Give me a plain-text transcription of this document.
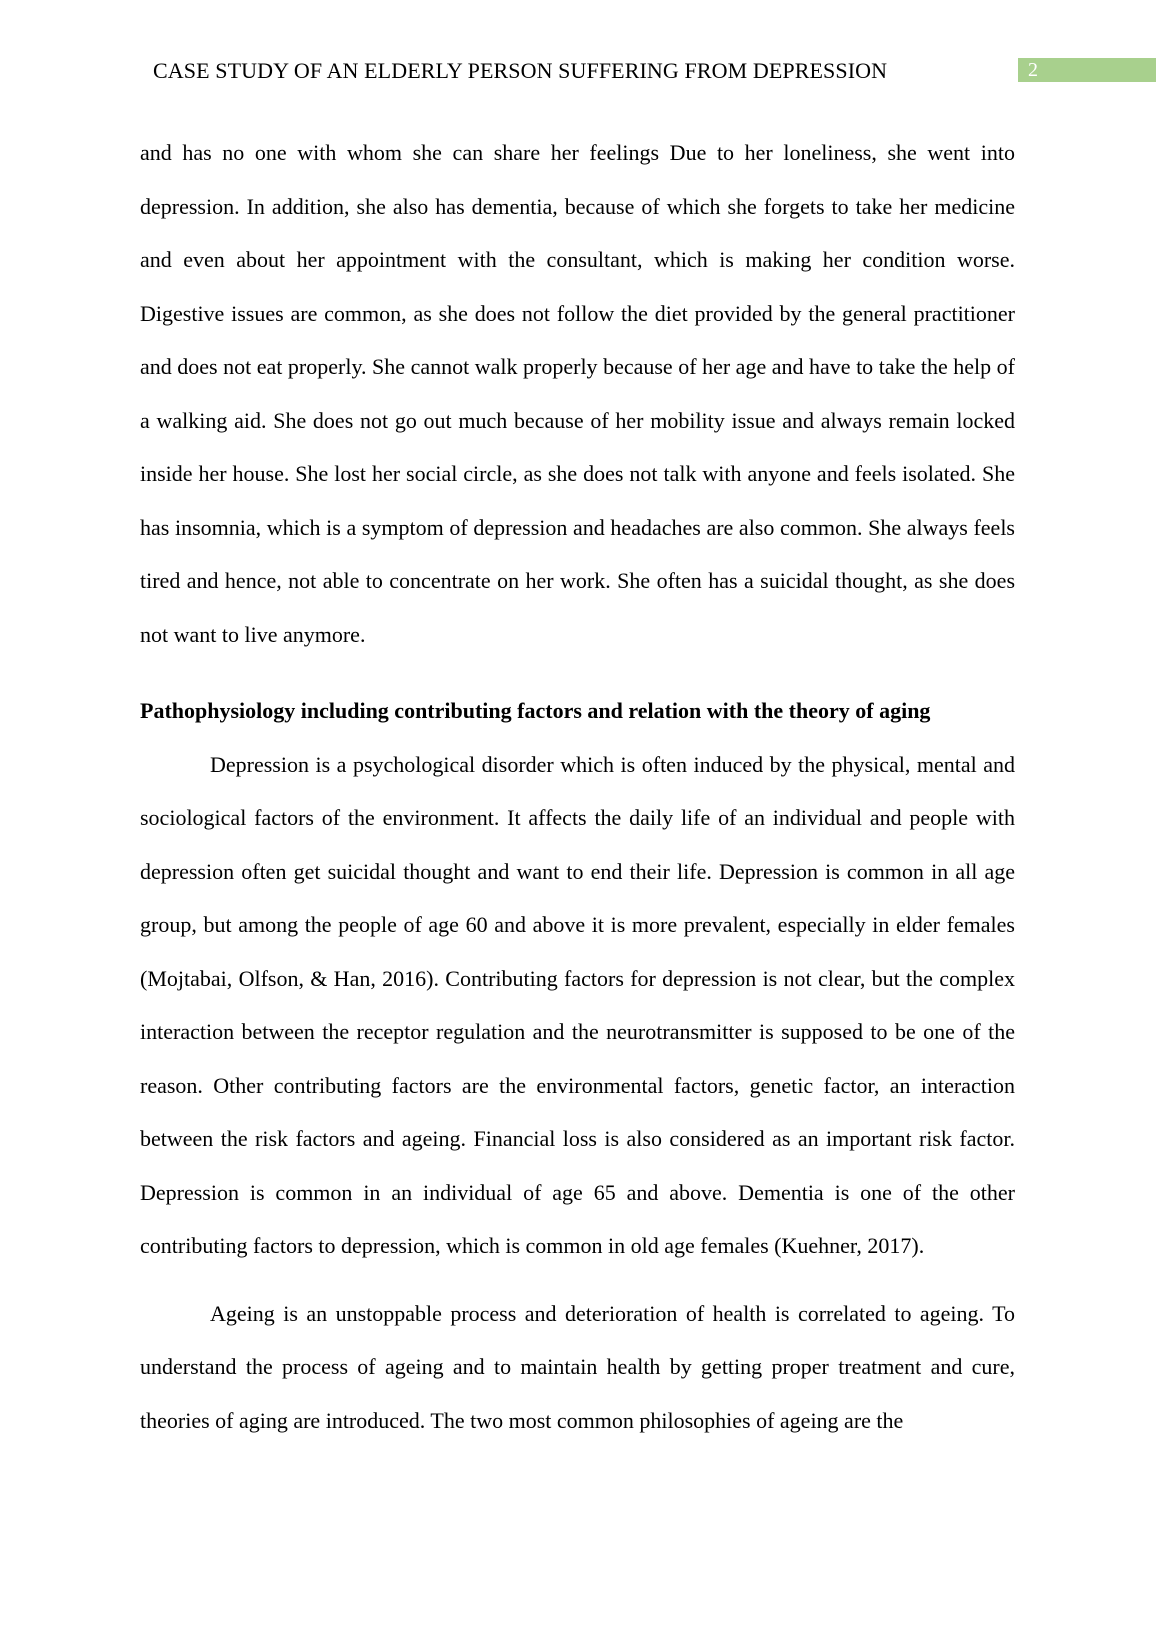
CASE STUDY OF AN ELDERLY PERSON SUFFERING FROM DEPRESSION	2

and has no one with whom she can share her feelings Due to her loneliness, she went into depression. In addition, she also has dementia, because of which she forgets to take her medicine and even about her appointment with the consultant, which is making her condition worse. Digestive issues are common, as she does not follow the diet provided by the general practitioner and does not eat properly. She cannot walk properly because of her age and have to take the help of a walking aid. She does not go out much because of her mobility issue and always remain locked inside her house. She lost her social circle, as she does not talk with anyone and feels isolated. She has insomnia, which is a symptom of depression and headaches are also common. She always feels tired and hence, not able to concentrate on her work. She often has a suicidal thought, as she does not want to live anymore.

Pathophysiology including contributing factors and relation with the theory of aging

Depression is a psychological disorder which is often induced by the physical, mental and sociological factors of the environment. It affects the daily life of an individual and people with depression often get suicidal thought and want to end their life. Depression is common in all age group, but among the people of age 60 and above it is more prevalent, especially in elder females (Mojtabai, Olfson, & Han, 2016). Contributing factors for depression is not clear, but the complex interaction between the receptor regulation and the neurotransmitter is supposed to be one of the reason. Other contributing factors are the environmental factors, genetic factor, an interaction between the risk factors and ageing. Financial loss is also considered as an important risk factor. Depression is common in an individual of age 65 and above. Dementia is one of the other contributing factors to depression, which is common in old age females (Kuehner, 2017).

Ageing is an unstoppable process and deterioration of health is correlated to ageing. To understand the process of ageing and to maintain health by getting proper treatment and cure, theories of aging are introduced. The two most common philosophies of ageing are the
